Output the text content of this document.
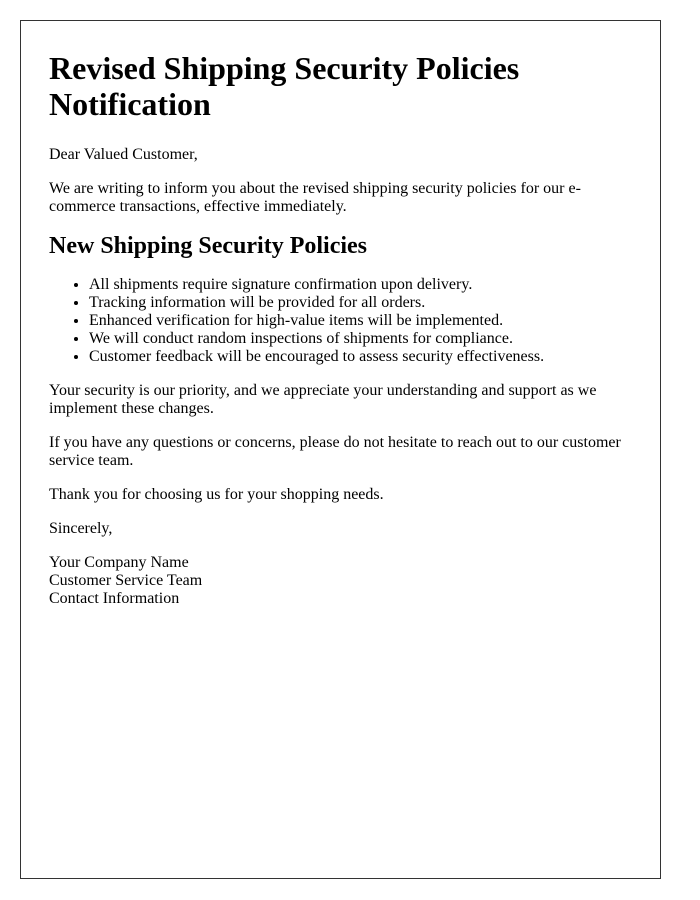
Revised Shipping Security Policies
Notification

Dear Valued Customer,

We are writing to inform you about the revised shipping security policies for our e-commerce transactions, effective immediately.

New Shipping Security Policies
• All shipments require signature confirmation upon delivery.
• Tracking information will be provided for all orders.
• Enhanced verification for high-value items will be implemented.
• We will conduct random inspections of shipments for compliance.
• Customer feedback will be encouraged to assess security effectiveness.

Your security is our priority, and we appreciate your understanding and support as we implement these changes.

If you have any questions or concerns, please do not hesitate to reach out to our customer service team.

Thank you for choosing us for your shopping needs.

Sincerely,

Your Company Name
Customer Service Team
Contact Information
